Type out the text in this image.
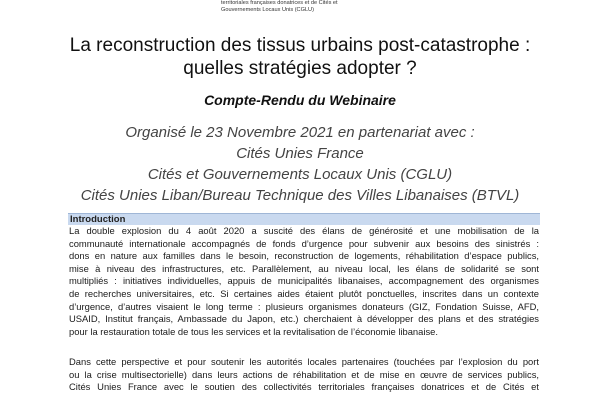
territoriales françaises donatrices et de Cités et
Gouvernements Locaux Unis (CGLU)
La reconstruction des tissus urbains post-catastrophe :
quelles stratégies adopter ?
Compte-Rendu du Webinaire
Organisé le 23 Novembre 2021 en partenariat avec :
Cités Unies France
Cités et Gouvernements Locaux Unis (CGLU)
Cités Unies Liban/Bureau Technique des Villes Libanaises (BTVL)
Introduction
La double explosion du 4 août 2020 a suscité des élans de générosité et une mobilisation de la
communauté internationale accompagnés de fonds d’urgence pour subvenir aux besoins des sinistrés :
dons en nature aux familles dans le besoin, reconstruction de logements, réhabilitation d’espace publics,
mise à niveau des infrastructures, etc. Parallèlement, au niveau local, les élans de solidarité se sont
multipliés : initiatives individuelles, appuis de municipalités libanaises, accompagnement des organismes
de recherches universitaires, etc. Si certaines aides étaient plutôt ponctuelles, inscrites dans un contexte
d’urgence, d’autres visaient le long terme : plusieurs organismes donateurs (GIZ, Fondation Suisse, AFD,
USAID, Institut français, Ambassade du Japon, etc.) cherchaient à développer des plans et des stratégies
pour la restauration totale de tous les services et la revitalisation de l’économie libanaise.
Dans cette perspective et pour soutenir les autorités locales partenaires (touchées par l’explosion du port
ou la crise multisectorielle) dans leurs actions de réhabilitation et de mise en œuvre de services publics,
Cités Unies France avec le soutien des collectivités territoriales françaises donatrices et de Cités et
